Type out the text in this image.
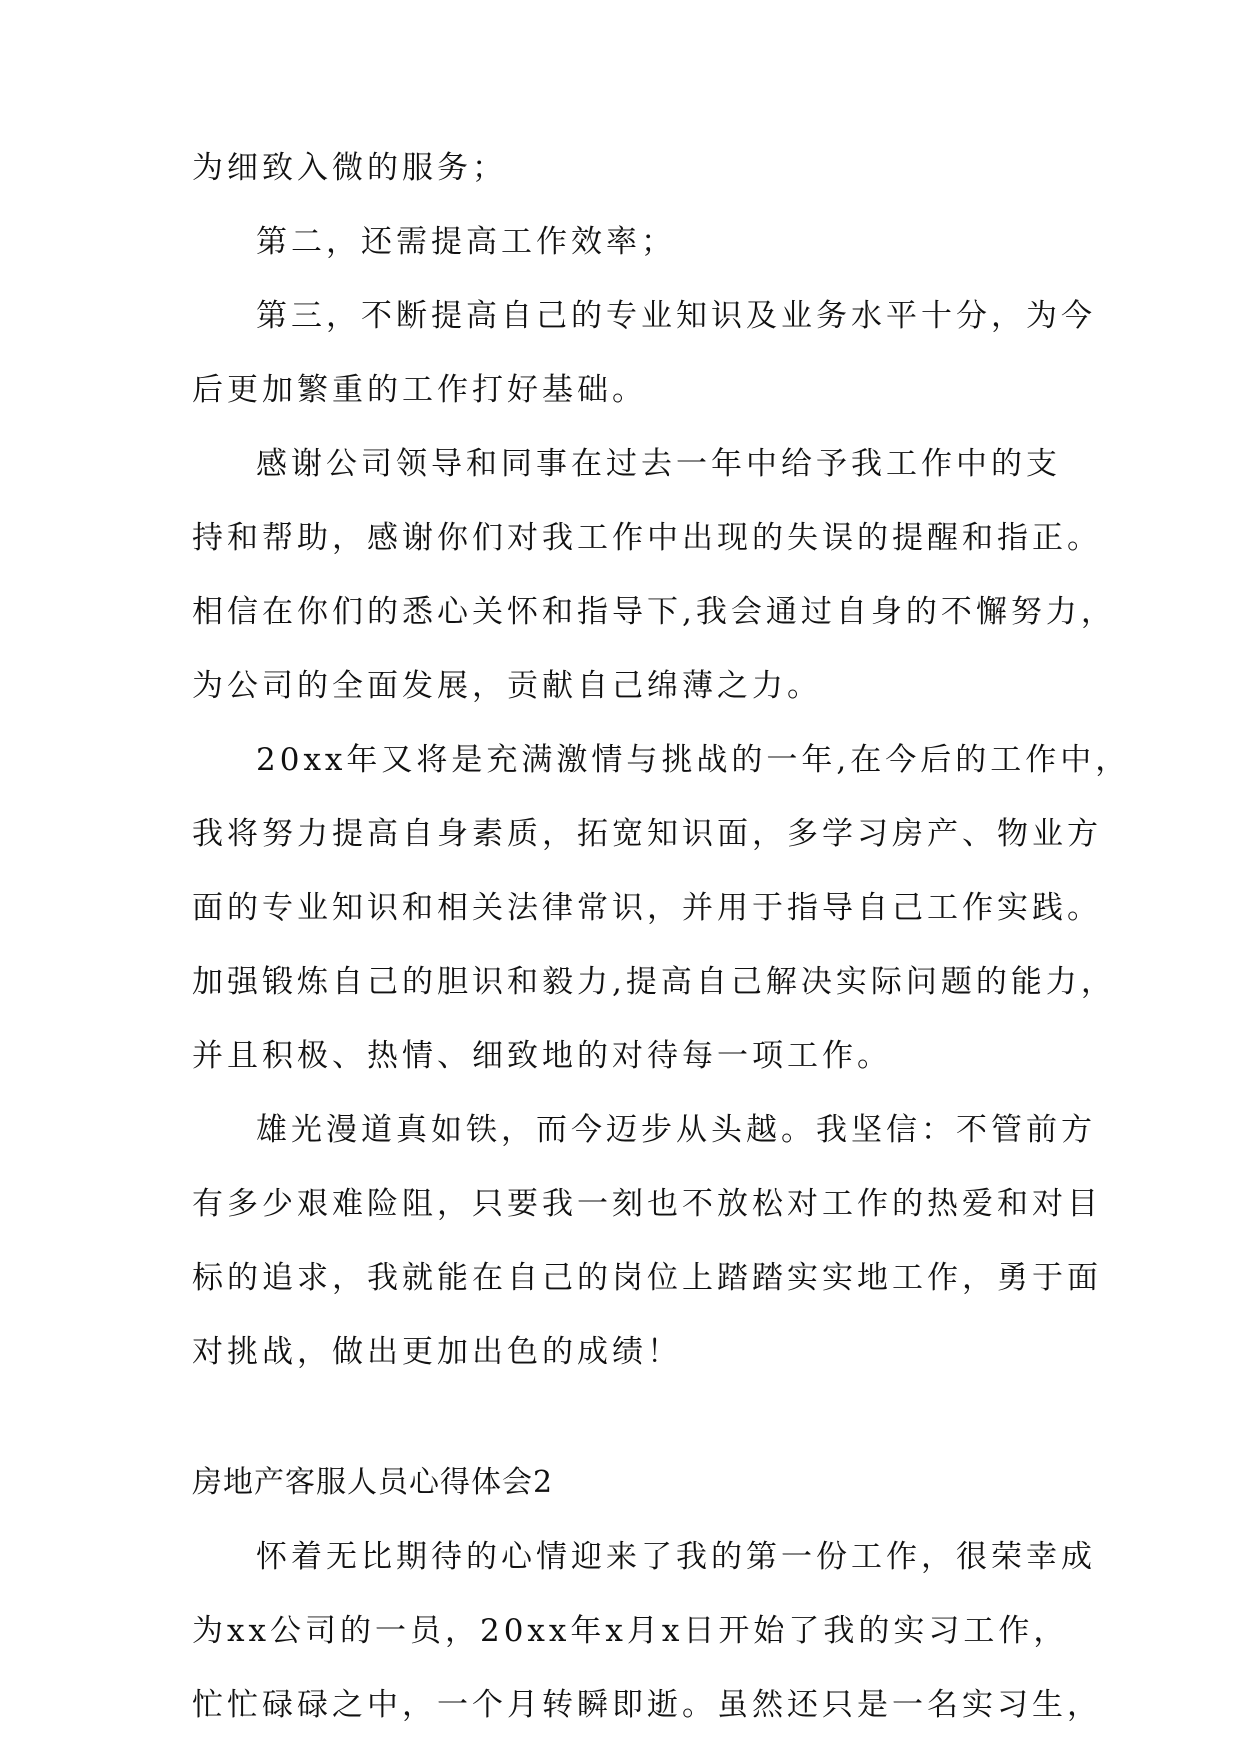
为细致入微的服务；
第二，还需提高工作效率；
第三，不断提高自己的专业知识及业务水平十分，为今
后更加繁重的工作打好基础。
感谢公司领导和同事在过去一年中给予我工作中的支
持和帮助，感谢你们对我工作中出现的失误的提醒和指正。
相信在你们的悉心关怀和指导下,我会通过自身的不懈努力，
为公司的全面发展，贡献自己绵薄之力。
20xx年又将是充满激情与挑战的一年,在今后的工作中，
我将努力提高自身素质，拓宽知识面，多学习房产、物业方
面的专业知识和相关法律常识，并用于指导自己工作实践。
加强锻炼自己的胆识和毅力,提高自己解决实际问题的能力，
并且积极、热情、细致地的对待每一项工作。
雄光漫道真如铁，而今迈步从头越。我坚信：不管前方
有多少艰难险阻，只要我一刻也不放松对工作的热爱和对目
标的追求，我就能在自己的岗位上踏踏实实地工作，勇于面
对挑战，做出更加出色的成绩！
房地产客服人员心得体会2
怀着无比期待的心情迎来了我的第一份工作，很荣幸成
为xx公司的一员，20xx年x月x日开始了我的实习工作，
忙忙碌碌之中，一个月转瞬即逝。虽然还只是一名实习生，
